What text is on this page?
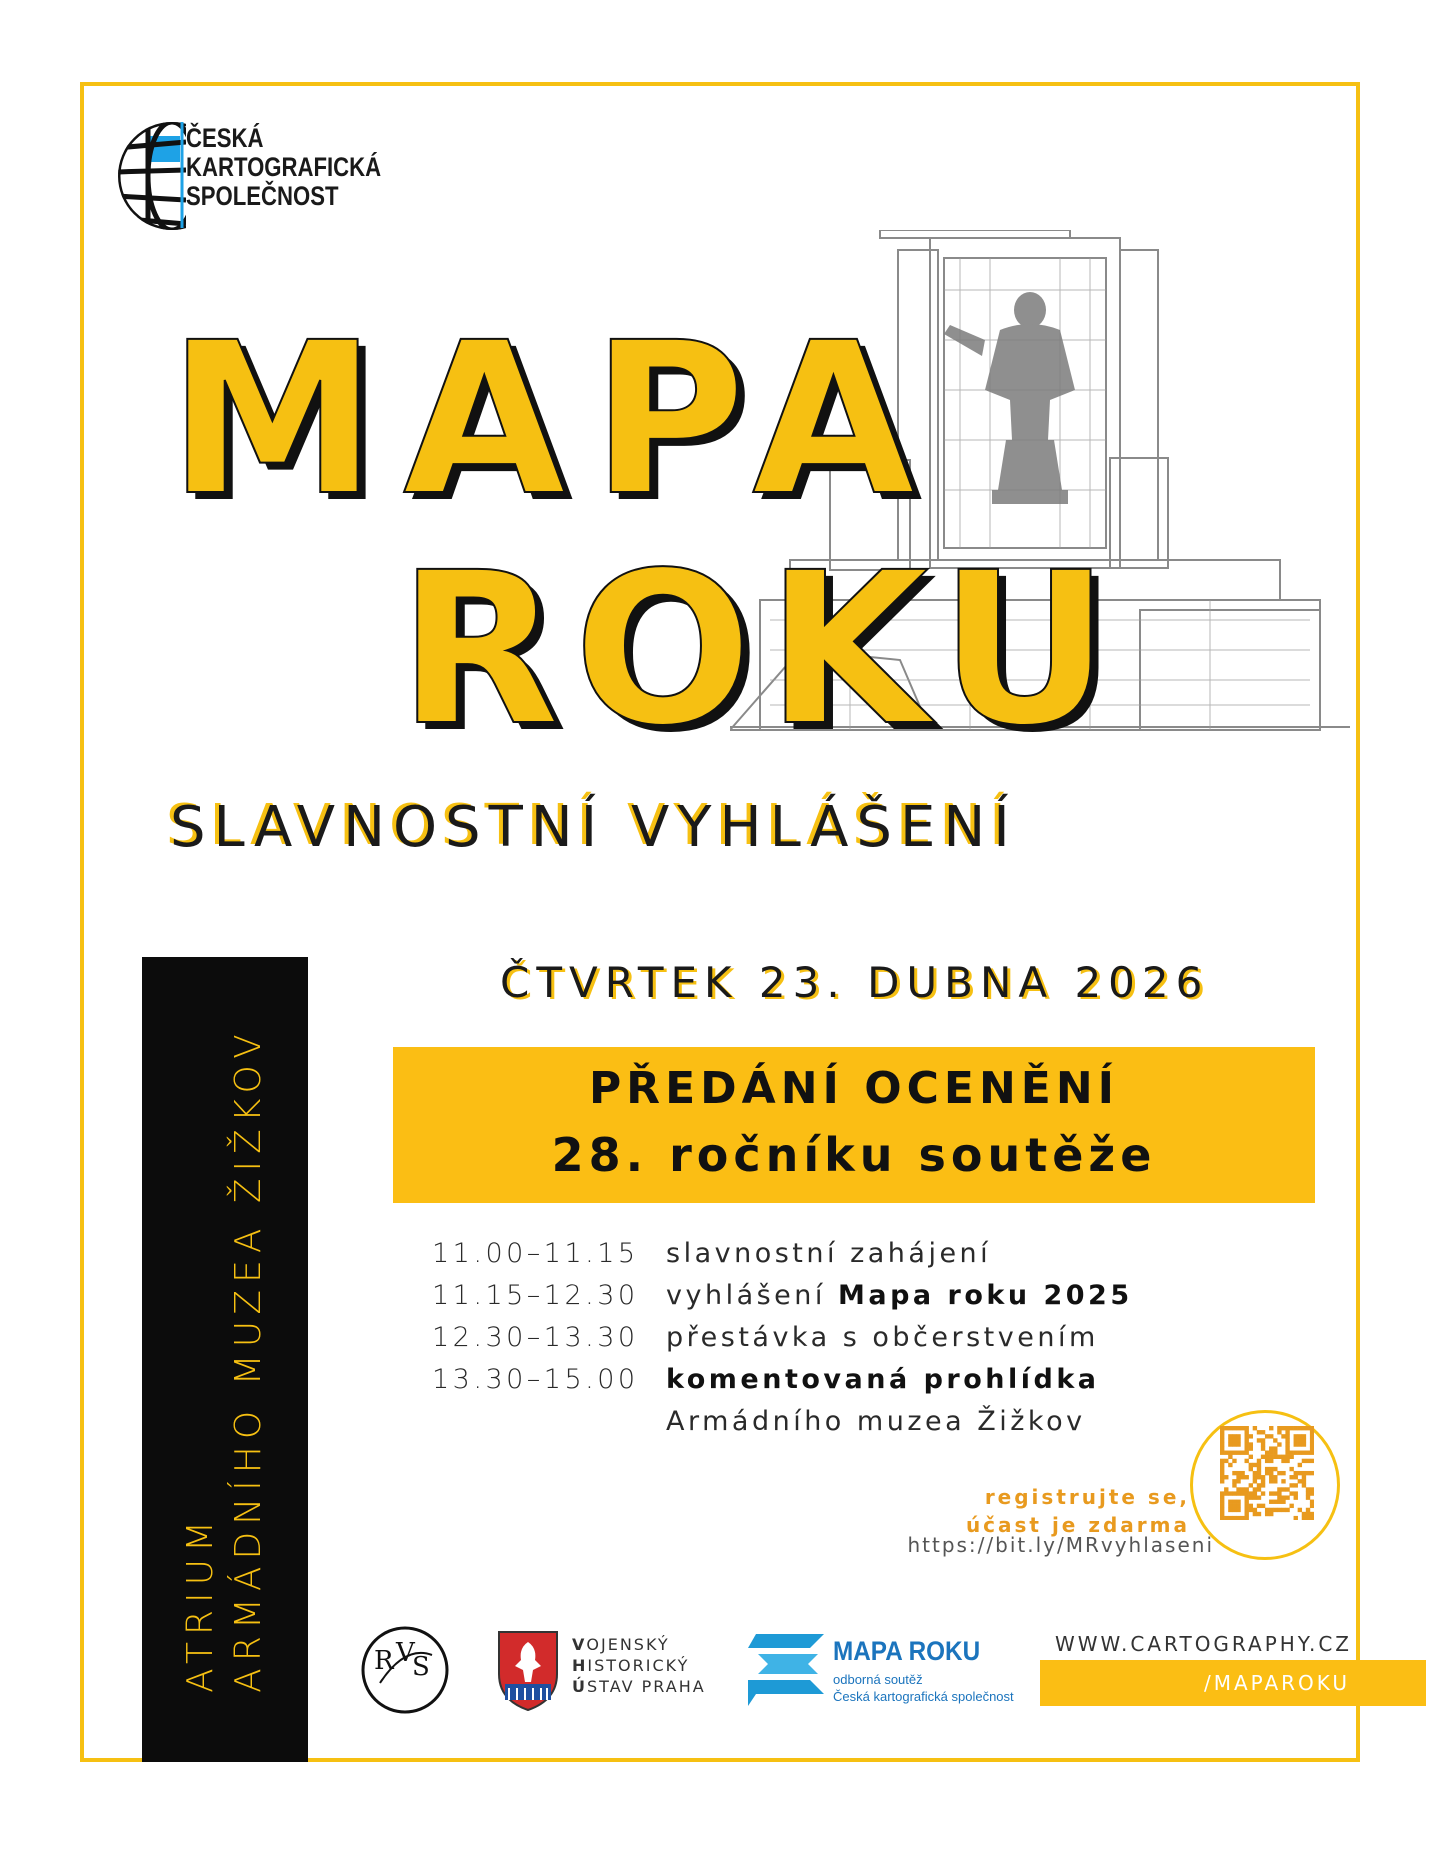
ČESKÁ
KARTOGRAFICKÁ
SPOLEČNOST
MAPA
ROKU
SLAVNOSTNÍ VYHLÁŠENÍ
ATRIUM ARMÁDNÍHO MUZEA ŽIŽKOV
ČTVRTEK 23. DUBNA 2026
PŘEDÁNÍ OCENĚNÍ
28. ročníku soutěže
11.00–11.15	slavnostní zahájení
11.15–12.30	vyhlášení Mapa roku 2025
12.30–13.30	přestávka s občerstvením
13.30–15.00	komentovaná prohlídka
Armádního muzea Žižkov
registrujte se,
účast je zdarma
https://bit.ly/MRvyhlaseni
R V
S
VOJENSKÝ
HISTORICKÝ
ÚSTAV PRAHA
MAPA ROKU
odborná soutěž
Česká kartografická společnost
WWW.CARTOGRAPHY.CZ
/MAPAROKU
